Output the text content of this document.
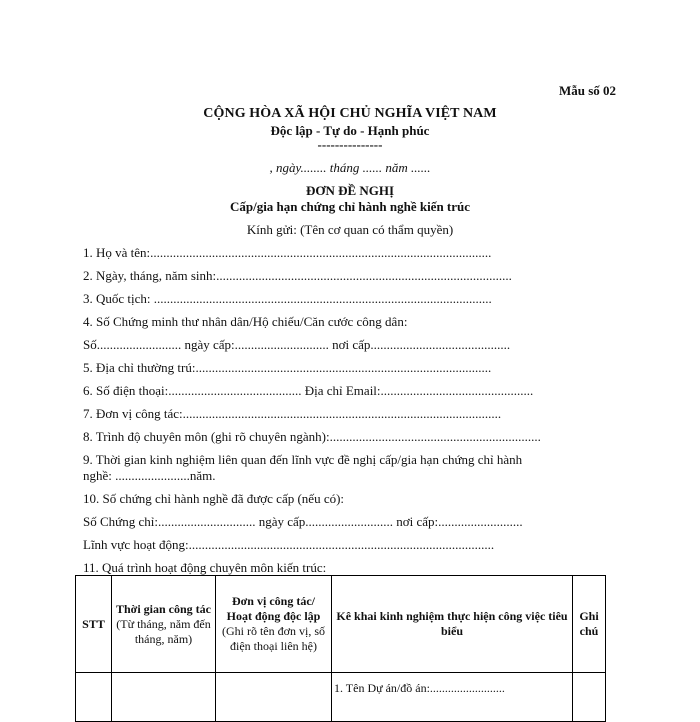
Mẫu số 02
CỘNG HÒA XÃ HỘI CHỦ NGHĨA VIỆT NAM
Độc lập - Tự do - Hạnh phúc
---------------
, ngày........ tháng ...... năm ......
ĐƠN ĐỀ NGHỊ
Cấp/gia hạn chứng chỉ hành nghề kiến trúc
Kính gửi: (Tên cơ quan có thẩm quyền)
1. Họ và tên:.........................................................................................................
2. Ngày, tháng, năm sinh:...........................................................................................
3. Quốc tịch: ........................................................................................................
4. Số Chứng minh thư nhân dân/Hộ chiếu/Căn cước công dân:
Số.......................... ngày cấp:............................. nơi cấp...........................................
5. Địa chỉ thường trú:...........................................................................................
6. Số điện thoại:......................................... Địa chỉ Email:...............................................
7. Đơn vị công tác:..................................................................................................
8. Trình độ chuyên môn (ghi rõ chuyên ngành):.................................................................
9. Thời gian kinh nghiệm liên quan đến lĩnh vực đề nghị cấp/gia hạn chứng chỉ hành
nghề: .......................năm.
10. Số chứng chỉ hành nghề đã được cấp (nếu có):
Số Chứng chỉ:.............................. ngày cấp........................... nơi cấp:..........................
Lĩnh vực hoạt động:..............................................................................................
11. Quá trình hoạt động chuyên môn kiến trúc:
STT	Thời gian công tác (Từ tháng, năm đến tháng, năm)	Đơn vị công tác/ Hoạt động độc lập (Ghi rõ tên đơn vị, số điện thoại liên hệ)	Kê khai kinh nghiệm thực hiện công việc tiêu biểu	Ghi chú
			1. Tên Dự án/đồ án:.........................	
